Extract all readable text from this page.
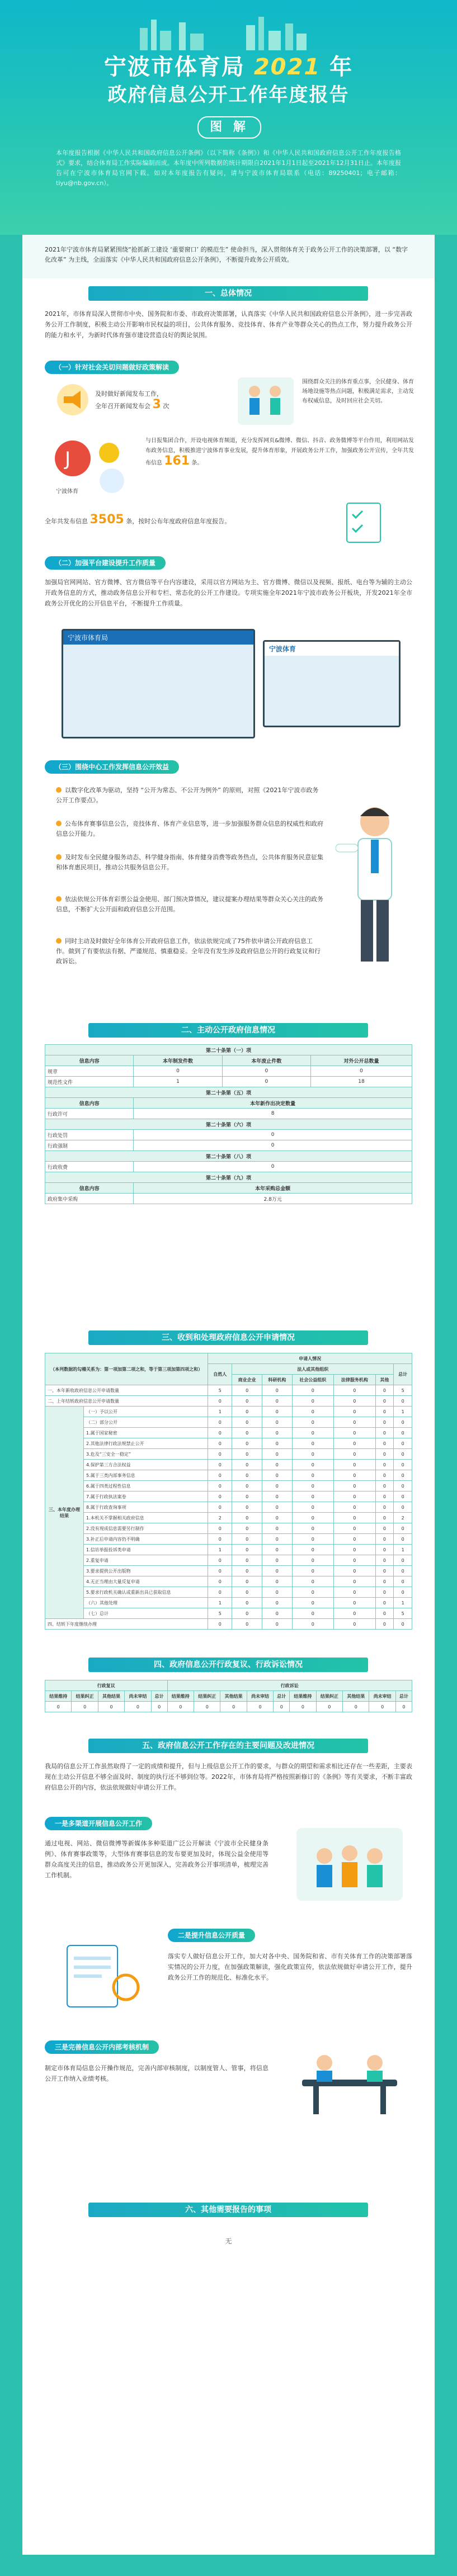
宁波市体育局 2021 年
政府信息公开工作年度报告
图 解
本年度报告根据《中华人民共和国政府信息公开条例》（以下简称《条例》）和《中华人民共和国政府信息公开工作年度报告格式》要求，结合体育局工作实际编制而成。本年度中所列数据的统计期限自2021年1月1日起至2021年12月31日止。本年度报告可在宁波市体育局官网下载。如对本年度报告有疑问，请与宁波市体育局联系（电话：89250401；电子邮箱：tiyu@nb.gov.cn）。

2021年宁波市体育局紧紧围绕“抢抓新工建设 ‘重要窗口’ 的模范生” 使命担当，深入贯彻体育关于政务公开工作的决策部署，以 “数字化改革” 为主线，全面落实《中华人民共和国政府信息公开条例》，不断提升政务公开质效。

一、总体情况
2021年，市体育局深入贯彻市中央、国务院和市委、市政府决策部署，认真落实《中华人民共和国政府信息公开条例》，进一步完善政务公开工作制度，积极主动公开影响市民权益的项目，公共体育服务、竞技体育、体育产业等群众关心的热点工作，努力提升政务公开的能力和水平，为新时代体育强市建设营造良好的舆论氛围。
（一）针对社会关切问题做好政策解读
及时做好新闻发布工作，
全年召开新闻发布会 3 次
围绕群众关注的体育重点事，全民健身、体育场地设施等热点问题，积极满足需求，主动发布权威信息，及时回应社会关切。
J
宁波体育
与日报集团合作，开设电视体育频道，充分发挥网页&微博、微信、抖音、政务微博等平台作用，利用网站发布政务信息，积极推进宁波体育事业发展，提升体育形象，开展政务公开工作，加强政务公开宣传，全年共发布信息 161 条。
全年共发布信息 3505 条，按时公布年度政府信息年度报告。
（二）加强平台建设提升工作质量
加强局官网网站、官方微博、官方微信等平台内容建设，采用以官方网站为主、官方微博、微信以及视频、报纸、电台等为辅的主动公开政务信息的方式，推动政务信息公开和专栏、常态化的公开工作建设。专项实施全年2021年宁波市政务公开板块，开发2021年全市政务公开优化的公开信息平台，不断提升工作质量。
宁波市体育局
宁波体育
（三）围绕中心工作发挥信息公开效益
以数字化改革为驱动，坚持 “公开为常态、不公开为例外” 的原则，对照《2021年宁波市政务公开工作要点》。
公布体育赛事信息公告，竞技体育、体育产业信息等，进一步加强服务群众信息的权威性和政府信息公开能力。
及时发布全民健身服务动态、科学健身指南、体育健身消费等政务热点，公共体育服务民意征集和体育惠民项目，推动公共服务信息公开。
依法依规公开体育彩票公益金使用、部门预决算情况，建议提案办理结果等群众关心关注的政务信息，不断扩大公开面和政府信息公开范围。
同时主动及时做好全年体育公开政府信息工作，依法依规完成了75件依申请公开政府信息工作。做到了有要依法有据、严谨规范、慎重稳妥。全年没有发生涉及政府信息公开的行政复议和行政诉讼。
二、主动公开政府信息情况
第二十条第（一）项			
信息内容	本年制发件数	本年废止件数	对外公开总数量
规章	0	0	0
规范性文件	1	0	18
第二十条第（五）项			
信息内容	本年新作出决定数量		
行政许可	8		
第二十条第（六）项			
行政处罚	0		
行政强制	0		
第二十条第（八）项			
行政收费	0		
第二十条第（九）项			
信息内容	本年采购总金额		
政府集中采购	2.8万元		
三、收到和处理政府信息公开申请情况
（本列数据的勾稽关系为：第一项加第二项之和，等于第三项加第四项之和）		申请人情况						
		自然人	法人或其他组织					总计
			商业企业	科研机构	社会公益组织	法律服务机构	其他	
一、本年新收政府信息公开申请数量		5	0	0	0	0	0	5
二、上年结转政府信息公开申请数量		0	0	0	0	0	0	0
三、本年度办理结果	（一）予以公开	1	0	0	0	0	0	1
	（二）部分公开	0	0	0	0	0	0	0
	1.属于国家秘密	0	0	0	0	0	0	0
	2.其他法律行政法规禁止公开	0	0	0	0	0	0	0
	3.危及“三安全一稳定”	0	0	0	0	0	0	0
	4.保护第三方合法权益	0	0	0	0	0	0	0
	5.属于三类内部事务信息	0	0	0	0	0	0	0
	6.属于四类过程性信息	0	0	0	0	0	0	0
	7.属于行政执法案卷	0	0	0	0	0	0	0
	8.属于行政查询事项	0	0	0	0	0	0	0
	1.本机关不掌握相关政府信息	2	0	0	0	0	0	2
	2.没有现成信息需要另行制作	0	0	0	0	0	0	0
	3.补正后申请内容仍不明确	0	0	0	0	0	0	0
	1.信访举报投诉类申请	1	0	0	0	0	0	1
	2.重复申请	0	0	0	0	0	0	0
	3.要求提供公开出版物	0	0	0	0	0	0	0
	4.无正当理由大量反复申请	0	0	0	0	0	0	0
	5.要求行政机关确认或重新出具已获取信息	0	0	0	0	0	0	0
	（六）其他处理	1	0	0	0	0	0	1
	（七）总计	5	0	0	0	0	0	5
四、结转下年度继续办理		0	0	0	0	0	0	0
四、政府信息公开行政复议、行政诉讼情况
行政复议					行政诉讼									
结果维持	结果纠正	其他结果	尚未审结	总计	结果维持	结果纠正	其他结果	尚未审结	总计	结果维持	结果纠正	其他结果	尚未审结	总计
0	0	0	0	0	0	0	0	0	0	0	0	0	0	0
五、政府信息公开工作存在的主要问题及改进情况
我局的信息公开工作虽然取得了一定的成绩和提升，但与上级信息公开工作的要求，与群众的期望和需求相比还存在一些差距，主要表现在主动公开信息不够全面及时、制度的执行还不够到位等。2022年，市体育局将严格按照新修订的《条例》等有关要求，不断丰富政府信息公开的内容，依法依规做好申请公开工作。
一是多渠道开展信息公开工作
通过电视、网站、微信微博等新媒体多种渠道广泛公开解读《宁波市全民健身条例》、体育赛事政策等，大型体育赛事信息的发布要更加及时，体现公益金使用等群众高度关注的信息，推动政务公开更加深入，完善政务公开事项清单，梳理完善工作机制。
二是提升信息公开质量
落实专人做好信息公开工作，加大对各中央、国务院和省、市有关体育工作的决策部署落实情况的公开力度，在加强政策解读，强化政策宣传，依法依规做好申请公开工作，提升政务公开工作的规范化、标准化水平。
三是完善信息公开内部考核机制
制定市体育局信息公开操作规范，完善内部审核制度，以制度管人、管事，将信息公开工作纳入业绩考核。
六、其他需要报告的事项
无
